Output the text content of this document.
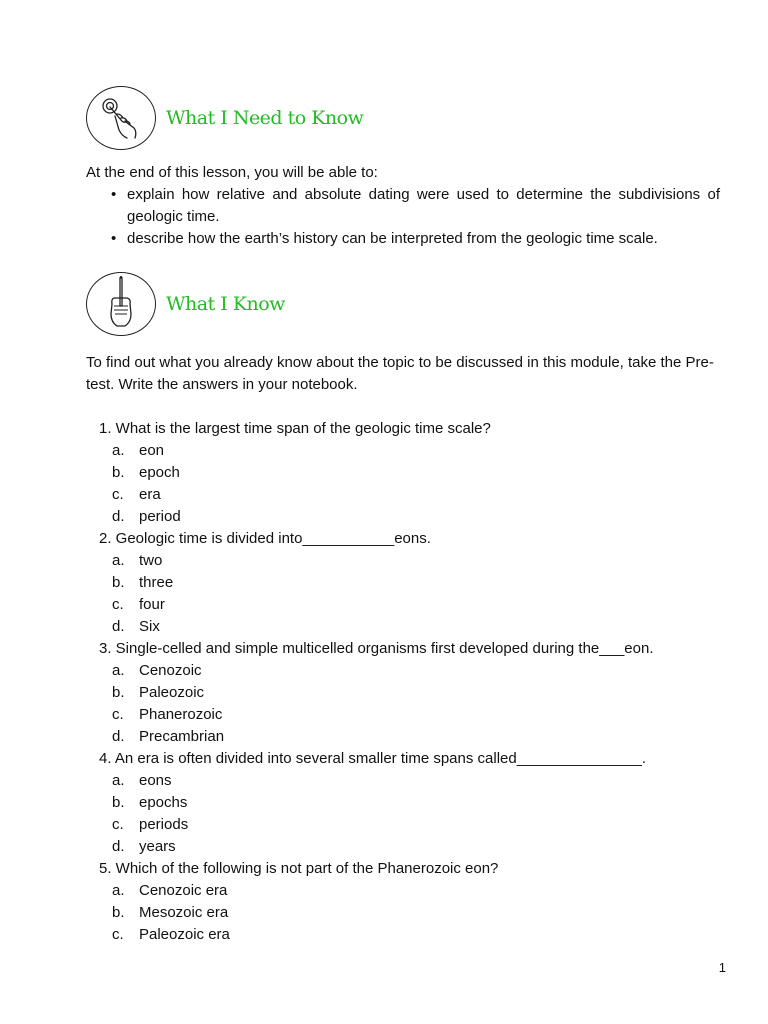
What I Need to Know

At the end of this lesson, you will be able to:

• explain how relative and absolute dating were used to determine the subdivisions of geologic time.
• describe how the earth’s history can be interpreted from the geologic time scale.
What I Know

To find out what you already know about the topic to be discussed in this module, take the Pre-test. Write the answers in your notebook.

1. What is the largest time span of the geologic time scale?
a. eon
b. epoch
c.	era
d. period
2. Geologic time is divided into___________eons.
a. two
b. three
c.	four
d. Six
3. Single-celled and simple multicelled organisms first developed during the___eon.
a. Cenozoic
b. Paleozoic
c.	Phanerozoic
d. Precambrian
4. An era is often divided into several smaller time spans called_______________.
a. eons
b. epochs
c.	periods
d. years
5. Which of the following is not part of the Phanerozoic eon?
a. Cenozoic era
b. Mesozoic era
c.	Paleozoic era
1
